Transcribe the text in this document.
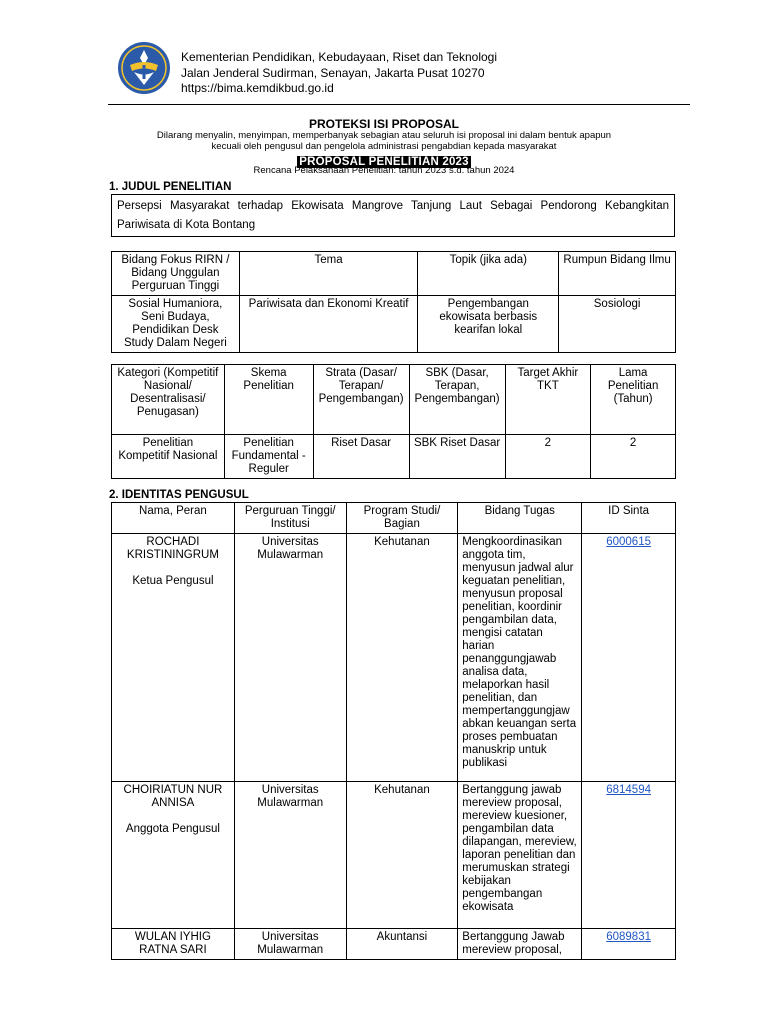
Kementerian Pendidikan, Kebudayaan, Riset dan Teknologi
Jalan Jenderal Sudirman, Senayan, Jakarta Pusat 10270
https://bima.kemdikbud.go.id
PROTEKSI ISI PROPOSAL
Dilarang menyalin, menyimpan, memperbanyak sebagian atau seluruh isi proposal ini dalam bentuk apapun
kecuali oleh pengusul dan pengelola administrasi pengabdian kepada masyarakat
PROPOSAL PENELITIAN 2023
Rencana Pelaksanaan Penelitian: tahun 2023 s.d. tahun 2024
1. JUDUL PENELITIAN
Persepsi Masyarakat terhadap Ekowisata Mangrove Tanjung Laut Sebagai Pendorong Kebangkitan Pariwisata di Kota Bontang
Bidang Fokus RIRN / Bidang Unggulan Perguruan Tinggi	Tema	Topik (jika ada)	Rumpun Bidang Ilmu
Sosial Humaniora, Seni Budaya, Pendidikan Desk Study Dalam Negeri	Pariwisata dan Ekonomi Kreatif	Pengembangan ekowisata berbasis kearifan lokal	Sosiologi
Kategori (Kompetitif Nasional/ Desentralisasi/ Penugasan)	Skema Penelitian	Strata (Dasar/ Terapan/ Pengembangan)	SBK (Dasar, Terapan, Pengembangan)	Target Akhir TKT	Lama Penelitian (Tahun)
Penelitian Kompetitif Nasional	Penelitian Fundamental - Reguler	Riset Dasar	SBK Riset Dasar	2	2
2. IDENTITAS PENGUSUL
Nama, Peran	Perguruan Tinggi/ Institusi	Program Studi/ Bagian	Bidang Tugas	ID Sinta

ROCHADI KRISTININGRUM
Ketua Pengusul	Universitas Mulawarman	Kehutanan	Mengkoordinasikan anggota tim, menyusun jadwal alur keguatan penelitian, menyusun proposal penelitian, koordinir pengambilan data, mengisi catatan harian penanggungjawab analisa data, melaporkan hasil penelitian, dan mempertanggungjaw abkan keuangan serta proses pembuatan manuskrip untuk publikasi	6000615

CHOIRIATUN NUR ANNISA
Anggota Pengusul	Universitas Mulawarman	Kehutanan	Bertanggung jawab mereview proposal, mereview kuesioner, pengambilan data dilapangan, mereview, laporan penelitian dan merumuskan strategi kebijakan pengembangan ekowisata	6814594

WULAN IYHIG RATNA SARI	Universitas Mulawarman	Akuntansi	Bertanggung Jawab mereview proposal,	6089831
